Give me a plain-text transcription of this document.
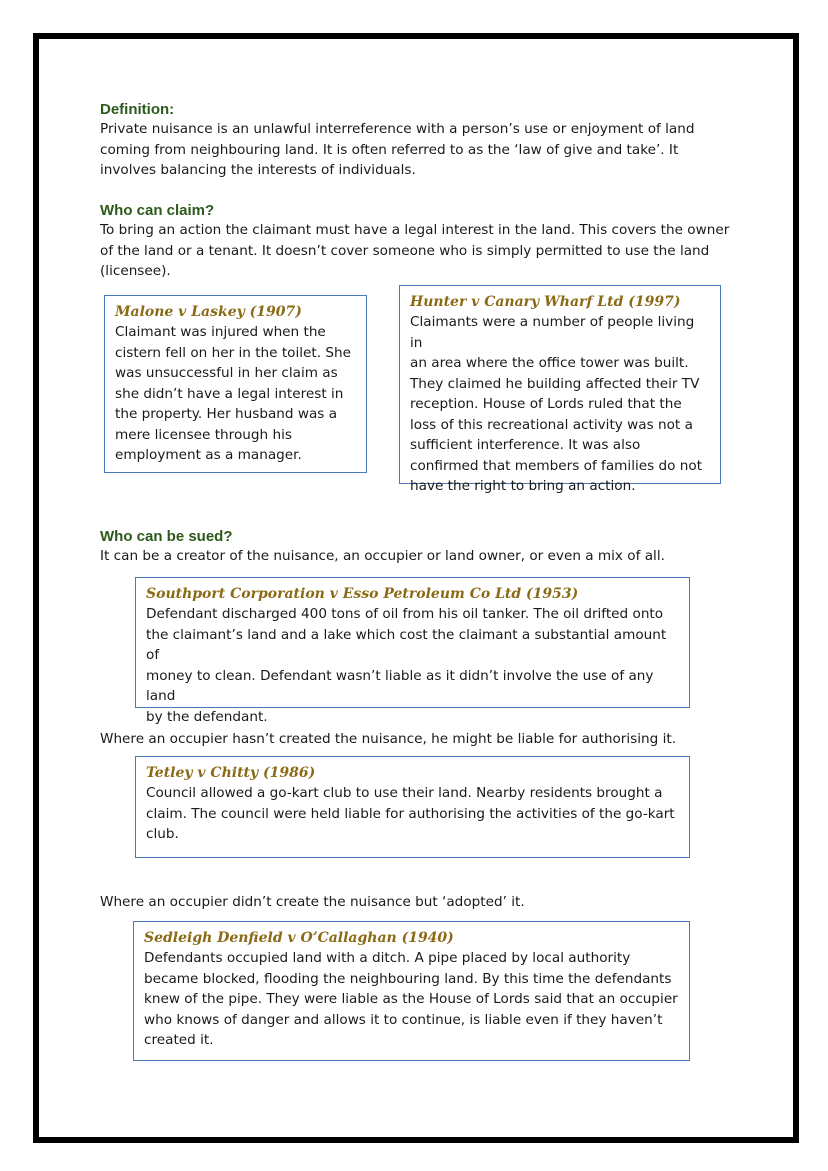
Definition:

Private nuisance is an unlawful interreference with a person’s use or enjoyment of land
coming from neighbouring land. It is often referred to as the ‘law of give and take’. It
involves balancing the interests of individuals.

Who can claim?

To bring an action the claimant must have a legal interest in the land. This covers the owner
of the land or a tenant. It doesn’t cover someone who is simply permitted to use the land
(licensee).

Malone v Laskey (1907)

Claimant was injured when the
cistern fell on her in the toilet. She
was unsuccessful in her claim as
she didn’t have a legal interest in
the property. Her husband was a
mere licensee through his
employment as a manager.

Hunter v Canary Wharf Ltd (1997)

Claimants were a number of people living in
an area where the office tower was built.
They claimed he building affected their TV
reception. House of Lords ruled that the
loss of this recreational activity was not a
sufficient interference. It was also
confirmed that members of families do not
have the right to bring an action.

Who can be sued?

It can be a creator of the nuisance, an occupier or land owner, or even a mix of all.

Southport Corporation v Esso Petroleum Co Ltd (1953)

Defendant discharged 400 tons of oil from his oil tanker. The oil drifted onto
the claimant’s land and a lake which cost the claimant a substantial amount of
money to clean. Defendant wasn’t liable as it didn’t involve the use of any land
by the defendant.

Where an occupier hasn’t created the nuisance, he might be liable for authorising it.

Tetley v Chitty (1986)

Council allowed a go-kart club to use their land. Nearby residents brought a
claim. The council were held liable for authorising the activities of the go-kart
club.

Where an occupier didn’t create the nuisance but ‘adopted’ it.

Sedleigh Denfield v O’Callaghan (1940)

Defendants occupied land with a ditch. A pipe placed by local authority
became blocked, flooding the neighbouring land. By this time the defendants
knew of the pipe. They were liable as the House of Lords said that an occupier
who knows of danger and allows it to continue, is liable even if they haven’t
created it.
